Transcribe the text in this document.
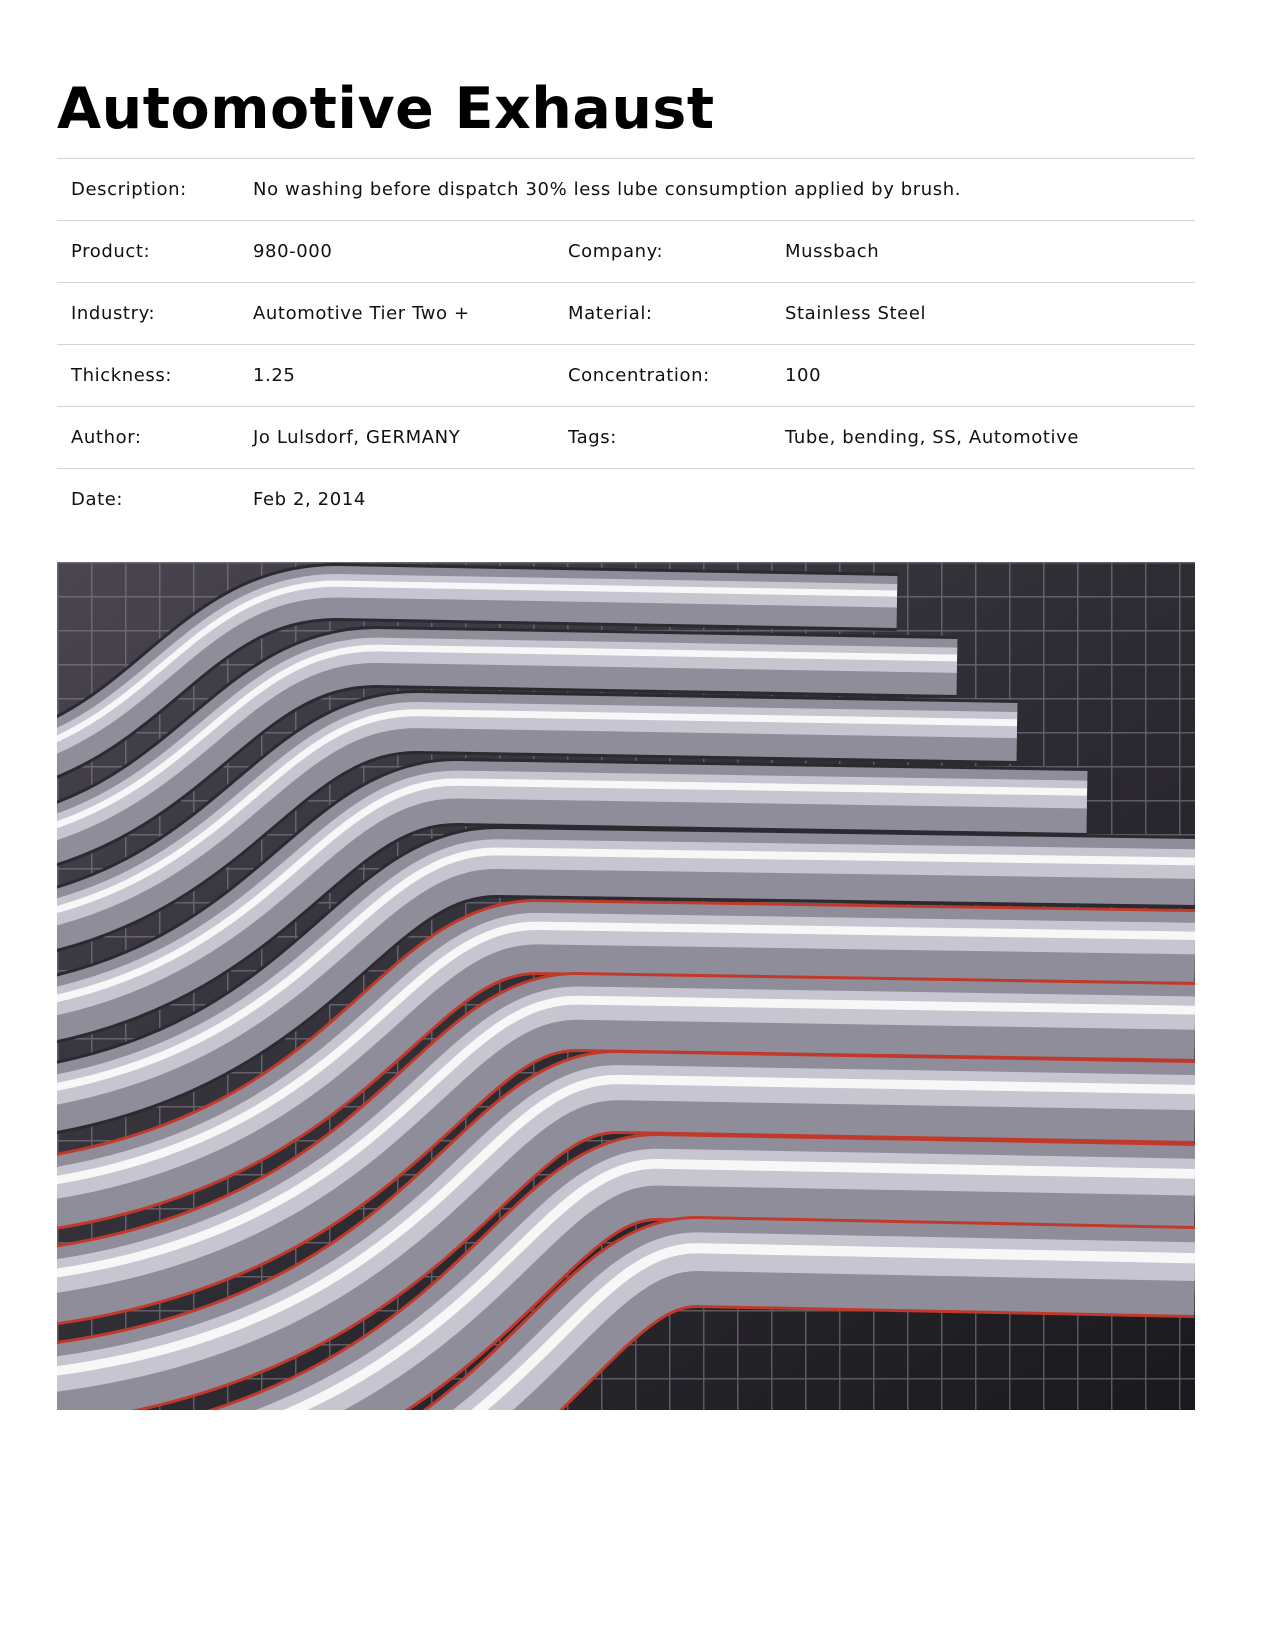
Automotive Exhaust
Description:	No washing before dispatch 30% less lube consumption applied by brush.		
Product:	980-000	Company:	Mussbach
Industry:	Automotive Tier Two +	Material:	Stainless Steel
Thickness:	1.25	Concentration:	100
Author:	Jo Lulsdorf, GERMANY	Tags:	Tube, bending, SS, Automotive
Date:	Feb 2, 2014		
